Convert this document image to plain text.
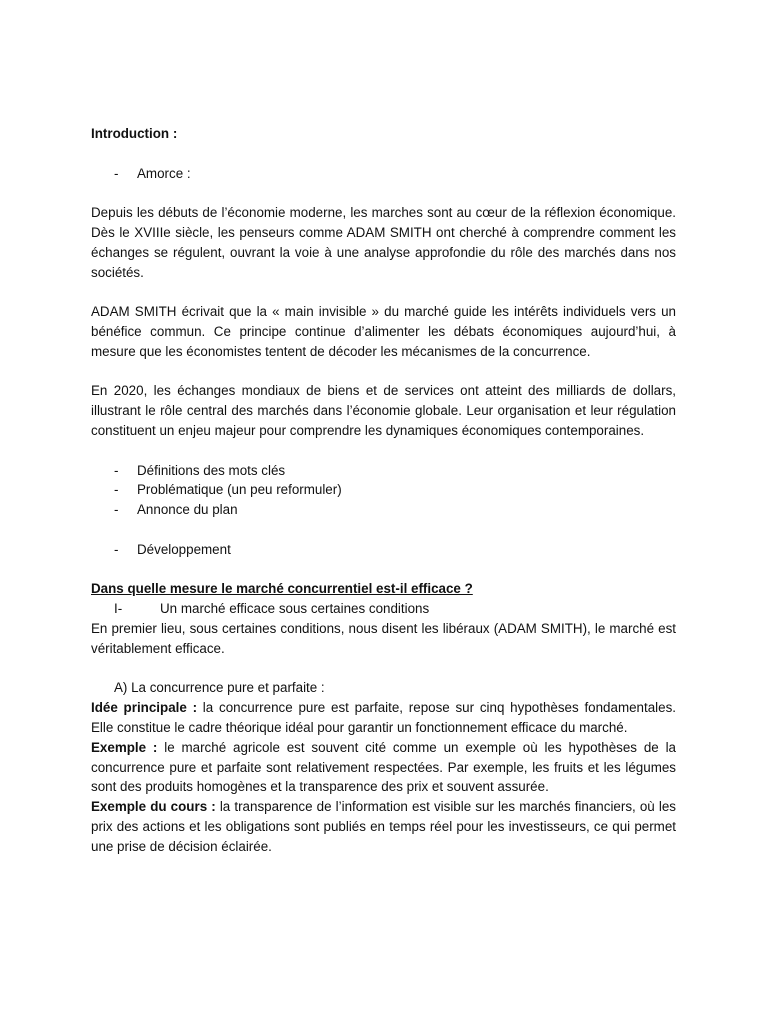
Introduction :

-	Amorce :

Depuis les débuts de l’économie moderne, les marches sont au cœur de la réflexion économique. Dès le XVIIIe siècle, les penseurs comme ADAM SMITH ont cherché à comprendre comment les échanges se régulent, ouvrant la voie à une analyse approfondie du rôle des marchés dans nos sociétés.

ADAM SMITH écrivait que la « main invisible » du marché guide les intérêts individuels vers un bénéfice commun. Ce principe continue d’alimenter les débats économiques aujourd’hui, à mesure que les économistes tentent de décoder les mécanismes de la concurrence.

En 2020, les échanges mondiaux de biens et de services ont atteint des milliards de dollars, illustrant le rôle central des marchés dans l’économie globale. Leur organisation et leur régulation constituent un enjeu majeur pour comprendre les dynamiques économiques contemporaines.

-	Définitions des mots clés
-	Problématique (un peu reformuler)
-	Annonce du plan
-	Développement

Dans quelle mesure le marché concurrentiel est-il efficace ?

I-	Un marché efficace sous certaines conditions

En premier lieu, sous certaines conditions, nous disent les libéraux (ADAM SMITH), le marché est véritablement efficace.

A) La concurrence pure et parfaite :

Idée principale : la concurrence pure est parfaite, repose sur cinq hypothèses fondamentales. Elle constitue le cadre théorique idéal pour garantir un fonctionnement efficace du marché.

Exemple : le marché agricole est souvent cité comme un exemple où les hypothèses de la concurrence pure et parfaite sont relativement respectées. Par exemple, les fruits et les légumes sont des produits homogènes et la transparence des prix et souvent assurée.

Exemple du cours : la transparence de l’information est visible sur les marchés financiers, où les prix des actions et les obligations sont publiés en temps réel pour les investisseurs, ce qui permet une prise de décision éclairée.
